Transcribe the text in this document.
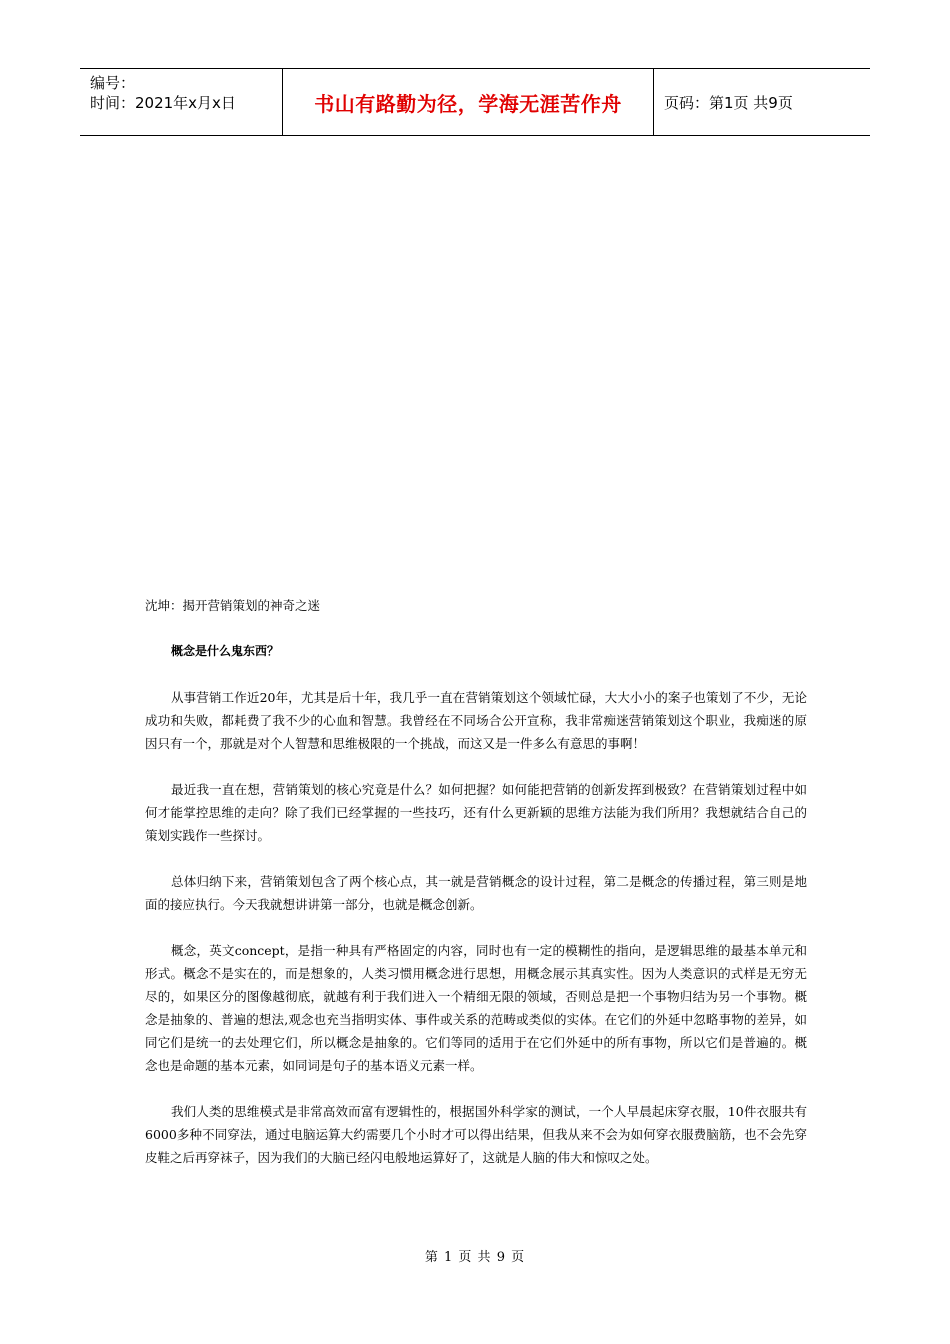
编号：
时间：2021年x月x日	书山有路勤为径，学海无涯苦作舟	页码：第1页 共9页

沈坤：揭开营销策划的神奇之迷

概念是什么鬼东西？

从事营销工作近20年，尤其是后十年，我几乎一直在营销策划这个领域忙碌，大大小小的案子也策划了不少，无论成功和失败，都耗费了我不少的心血和智慧。我曾经在不同场合公开宣称，我非常痴迷营销策划这个职业，我痴迷的原因只有一个，那就是对个人智慧和思维极限的一个挑战，而这又是一件多么有意思的事啊！

最近我一直在想，营销策划的核心究竟是什么？如何把握？如何能把营销的创新发挥到极致？在营销策划过程中如何才能掌控思维的走向？除了我们已经掌握的一些技巧，还有什么更新颖的思维方法能为我们所用？我想就结合自己的策划实践作一些探讨。

总体归纳下来，营销策划包含了两个核心点，其一就是营销概念的设计过程，第二是概念的传播过程，第三则是地面的接应执行。今天我就想讲讲第一部分，也就是概念创新。

概念，英文concept，是指一种具有严格固定的内容，同时也有一定的模糊性的指向，是逻辑思维的最基本单元和形式。概念不是实在的，而是想象的，人类习惯用概念进行思想，用概念展示其真实性。因为人类意识的式样是无穷无尽的，如果区分的图像越彻底，就越有利于我们进入一个精细无限的领域，否则总是把一个事物归结为另一个事物。概念是抽象的、普遍的想法,观念也充当指明实体、事件或关系的范畴或类似的实体。在它们的外延中忽略事物的差异，如同它们是统一的去处理它们，所以概念是抽象的。它们等同的适用于在它们外延中的所有事物，所以它们是普遍的。概念也是命题的基本元素，如同词是句子的基本语义元素一样。

我们人类的思维模式是非常高效而富有逻辑性的，根据国外科学家的测试，一个人早晨起床穿衣服，10件衣服共有6000多种不同穿法，通过电脑运算大约需要几个小时才可以得出结果，但我从来不会为如何穿衣服费脑筋，也不会先穿皮鞋之后再穿袜子，因为我们的大脑已经闪电般地运算好了，这就是人脑的伟大和惊叹之处。

第 1 页 共 9 页
